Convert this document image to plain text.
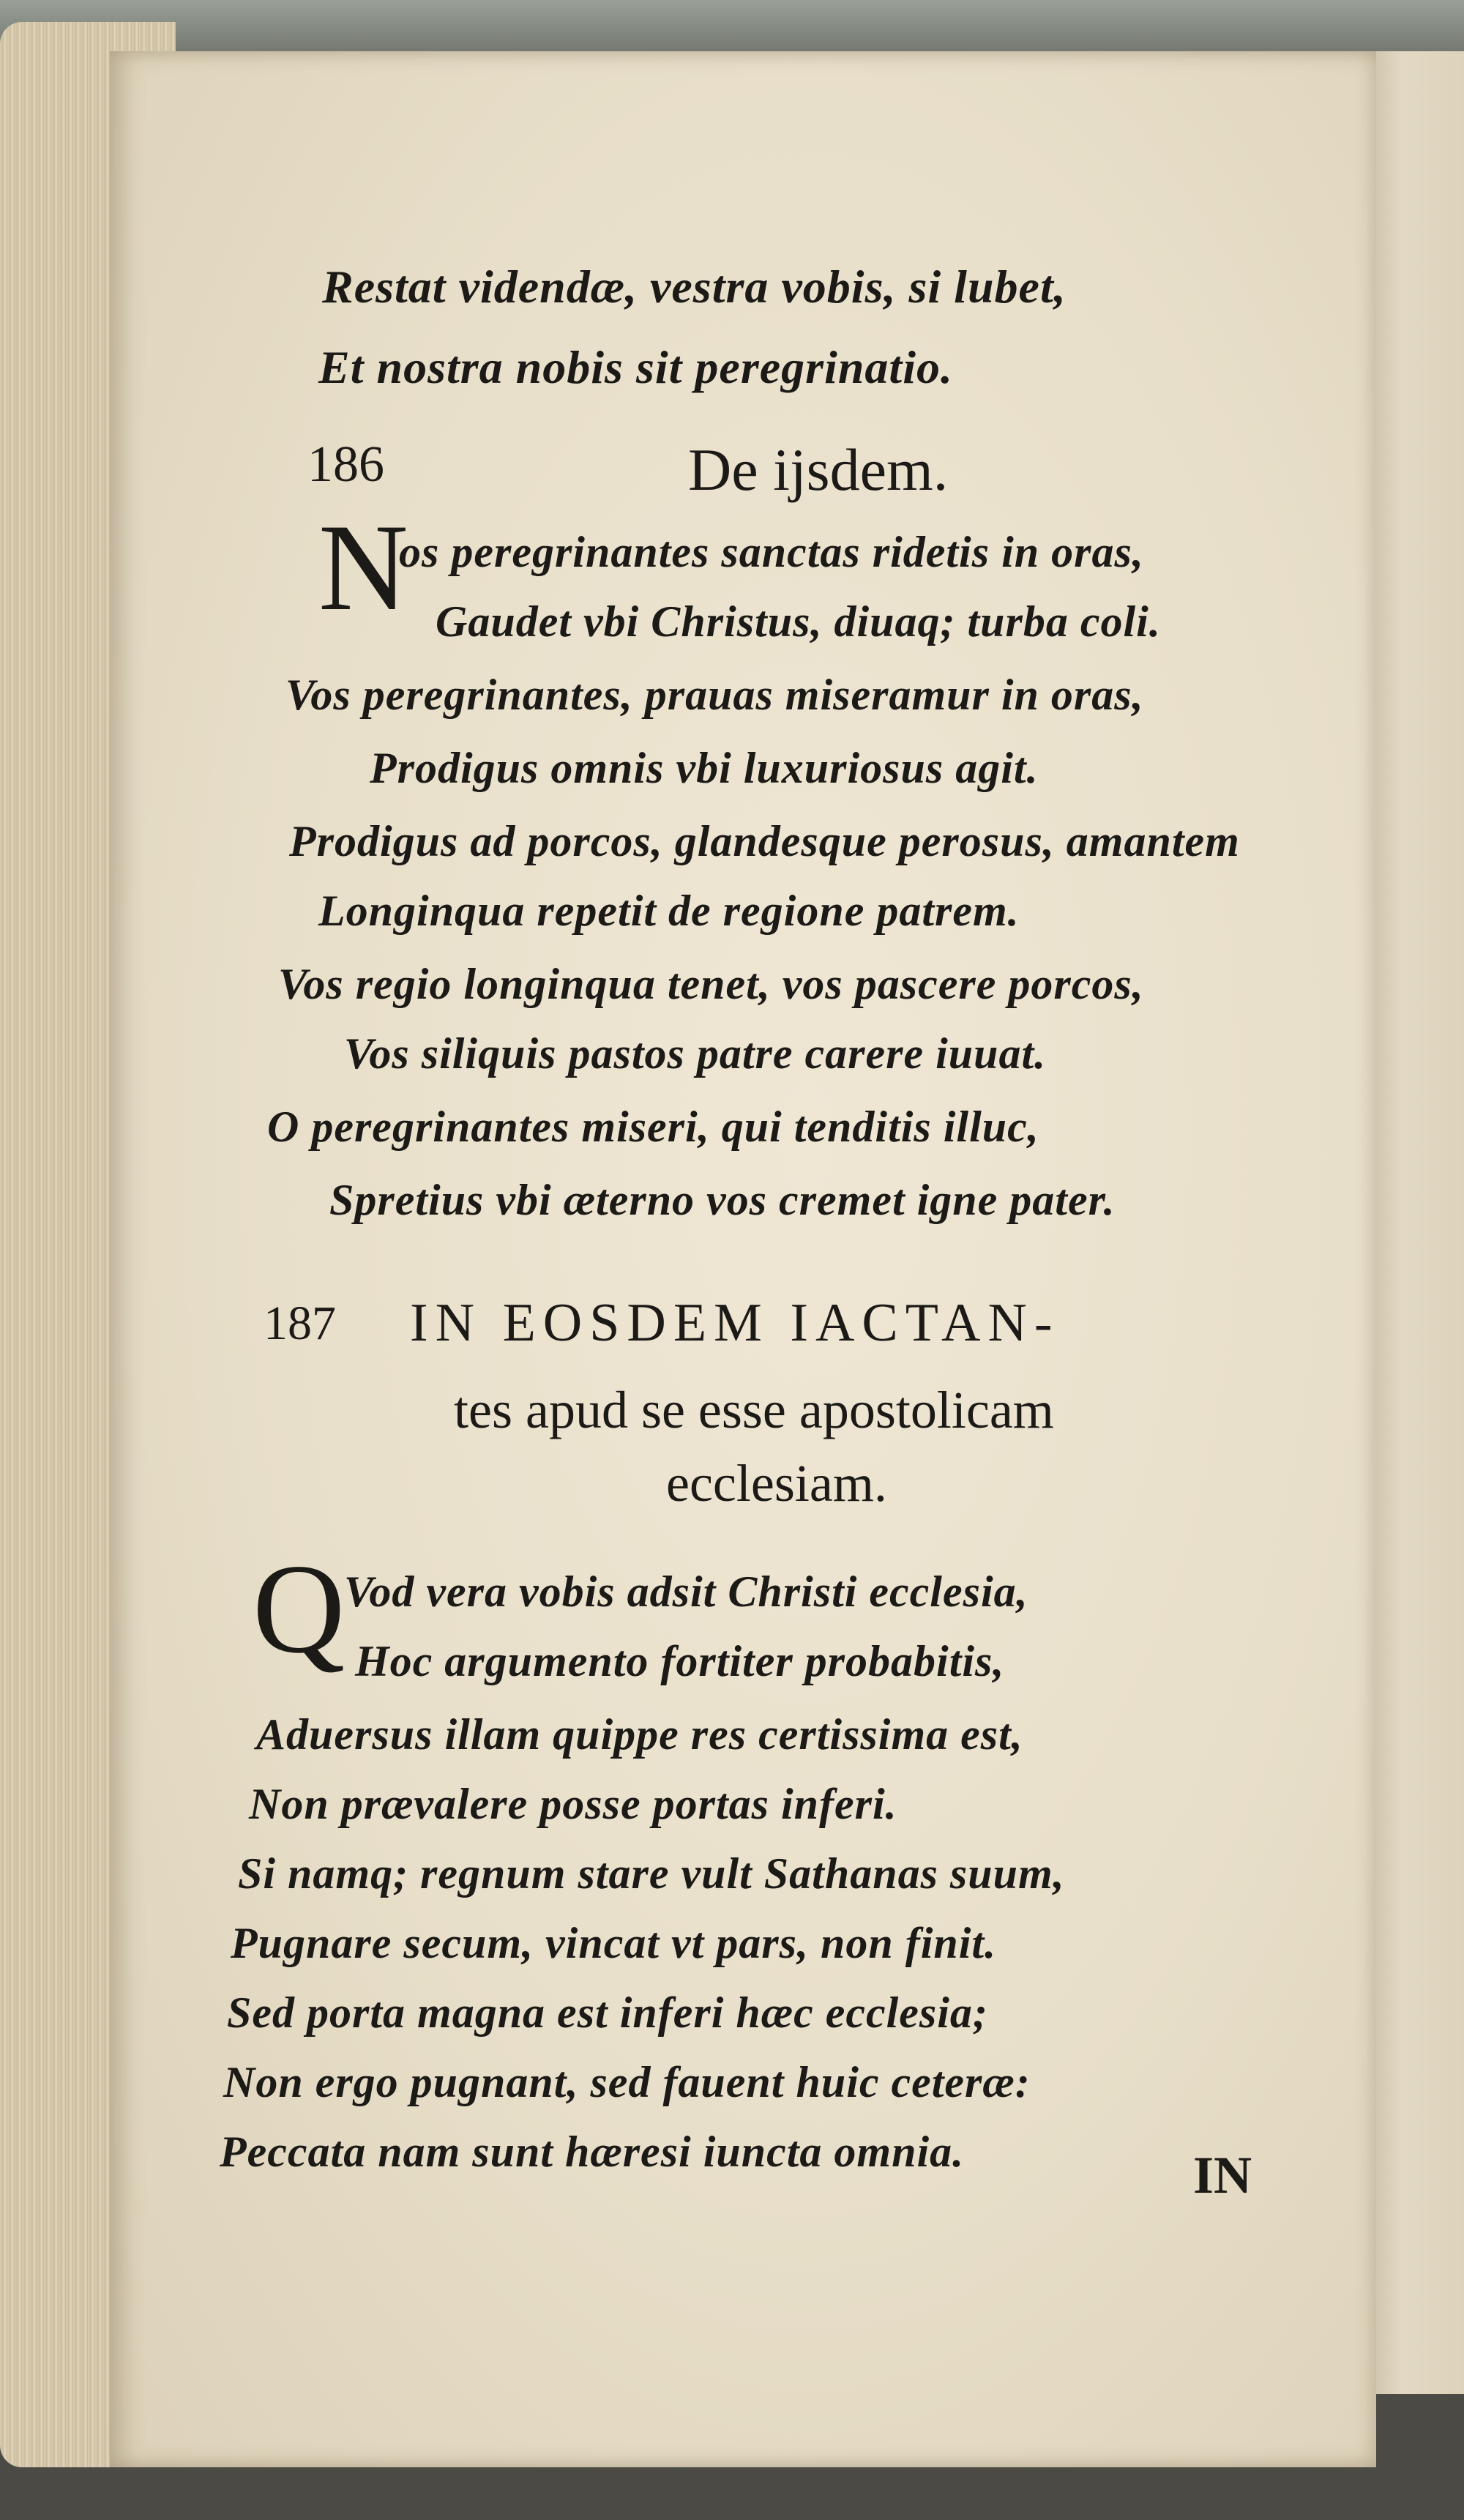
Restat videndæ, vestra vobis, si lubet,
Et nostra nobis sit peregrinatio.
186	De ijsdem.
N
os peregrinantes sanctas ridetis in oras,
Gaudet vbi Christus, diuaq; turba coli.
Vos peregrinantes, prauas miseramur in oras,
Prodigus omnis vbi luxuriosus agit.
Prodigus ad porcos, glandesque perosus, amantem
Longinqua repetit de regione patrem.
Vos regio longinqua tenet, vos pascere porcos,
Vos siliquis pastos patre carere iuuat.
O peregrinantes miseri, qui tenditis illuc,
Spretius vbi æterno vos cremet igne pater.
187 IN EOSDEM IACTAN-
tes apud se esse apostolicam
ecclesiam.
Q
Vod vera vobis adsit Christi ecclesia,
Hoc argumento fortiter probabitis,
Aduersus illam quippe res certissima est,
Non prævalere posse portas inferi.
Si namq; regnum stare vult Sathanas suum,
Pugnare secum, vincat vt pars, non finit.
Sed porta magna est inferi hæc ecclesia;
Non ergo pugnant, sed fauent huic ceteræ:
Peccata nam sunt hæresi iuncta omnia.	IN
